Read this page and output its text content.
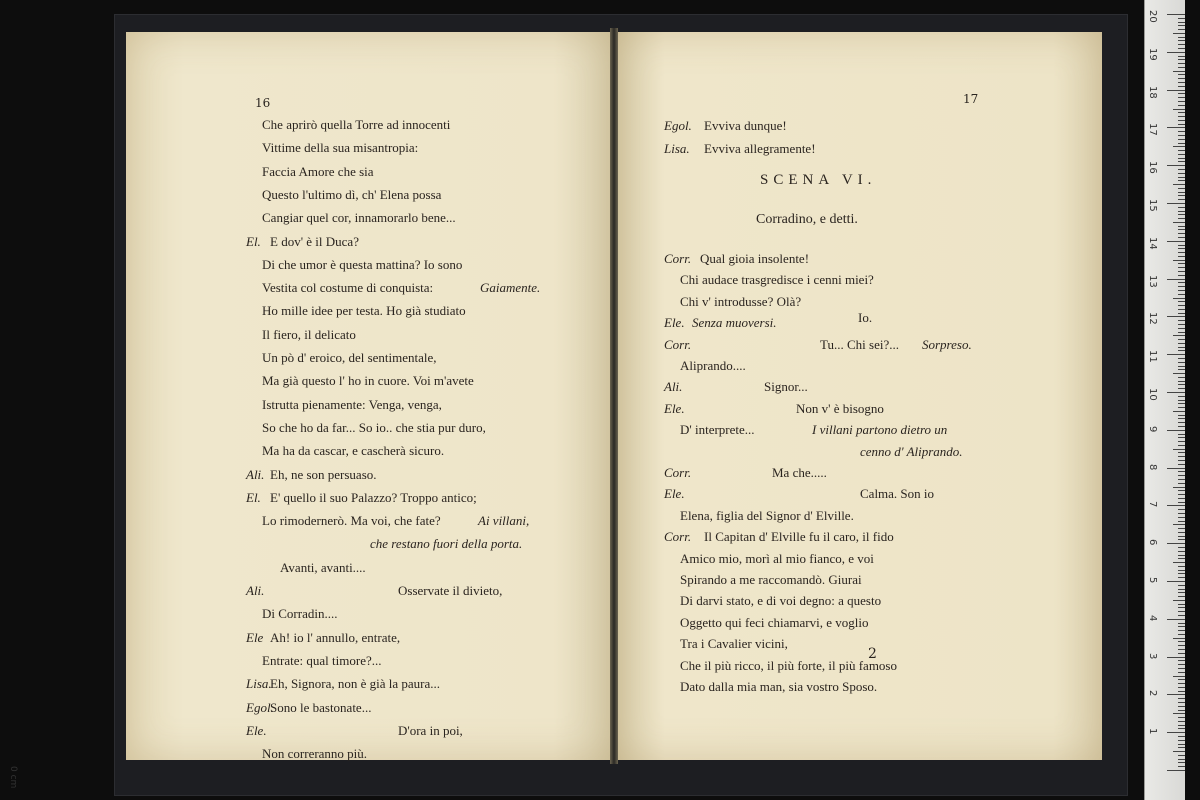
16	17
Che aprirò quella Torre ad innocenti
Vittime della sua misantropia:
Faccia Amore che sia
Questo l'ultimo dì, ch' Elena possa
Cangiar quel cor, innamorarlo bene...
El. E dov' è il Duca?
Di che umor è questa mattina? Io sono
Vestita col costume di conquista:	Gaiamente.
Ho mille idee per testa. Ho già studiato
Il fiero, il delicato
Un pò d' eroico, del sentimentale,
Ma già questo l' ho in cuore. Voi m'avete
Istrutta pienamente: Venga, venga,
So che ho da far... So io.. che stia pur duro,
Ma ha da cascar, e cascherà sicuro.
Ali. Eh, ne son persuaso.
El. E' quello il suo Palazzo? Troppo antico;
Lo rimodernerò. Ma voi, che fate?	Ai villani,
che restano fuori della porta.
Avanti, avanti....
Ali.	Osservate il divieto,
Di Corradin....
Ele Ah! io l' annullo, entrate,
Entrate: qual timore?...
Lisa.
Eh, Signora, non è già la paura...
Egol.
Sono le bastonate...
Ele.	D'ora in poi,
Non correranno più.
Egol. Evviva dunque!
Lisa. Evviva allegramente!
SCENA VI.
Corradino, e detti.
Corr. Qual gioia insolente!
Chi audace trasgredisce i cenni miei?
Chi v' introdusse? Olà?
Ele. Senza muoversi.
Corr.	Tu... Chi sei?... Sorpreso.
Aliprando....
Ali.	Signor...
Ele.	Non v' è bisogno
D' interprete...	I villani partono dietro un
cenno d' Aliprando.
Corr.	Ma che.....
Ele.	Calma. Son io
Elena, figlia del Signor d' Elville.
Corr. Il Capitan d' Elville fu il caro, il fido
Amico mio, morì al mio fianco, e voi
Spirando a me raccomandò. Giurai
Di darvi stato, e di voi degno: a questo
Oggetto qui feci chiamarvi, e voglio
Tra i Cavalier vicini,
Che il più ricco, il più forte, il più famoso
Dato dalla mia man, sia vostro Sposo.
Io.
2
0 cm
1
2
3
4
5
6
7
8
9
10
11
12
13
14
15
16
17
18
19
20
